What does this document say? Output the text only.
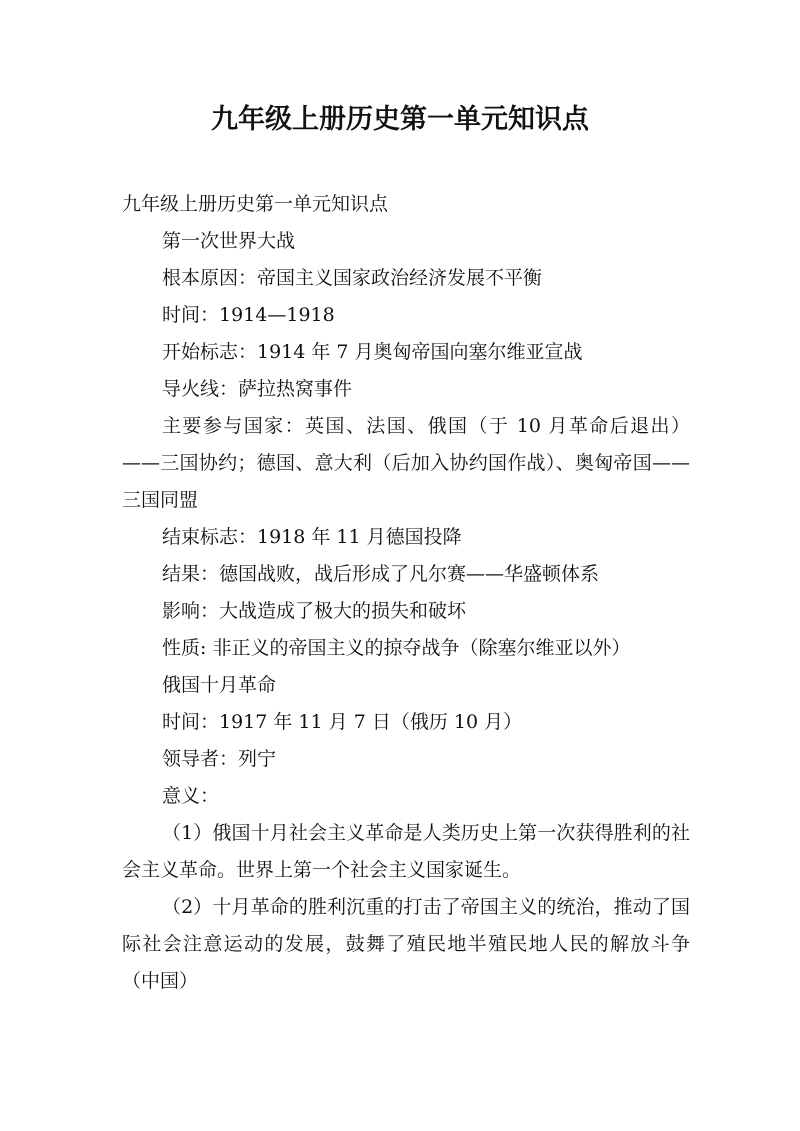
九年级上册历史第一单元知识点

九年级上册历史第一单元知识点

第一次世界大战

根本原因：帝国主义国家政治经济发展不平衡

时间：1914—1918

开始标志：1914 年 7 月奥匈帝国向塞尔维亚宣战

导火线：萨拉热窝事件

主要参与国家：英国、法国、俄国（于 10 月革命后退出）——三国协约；德国、意大利（后加入协约国作战）、奥匈帝国——三国同盟

结束标志：1918 年 11 月德国投降

结果：德国战败，战后形成了凡尔赛——华盛顿体系

影响：大战造成了极大的损失和破坏

性质: 非正义的帝国主义的掠夺战争（除塞尔维亚以外）

俄国十月革命

时间：1917 年 11 月 7 日（俄历 10 月）

领导者：列宁

意义：

（1）俄国十月社会主义革命是人类历史上第一次获得胜利的社会主义革命。世界上第一个社会主义国家诞生。

（2）十月革命的胜利沉重的打击了帝国主义的统治，推动了国际社会注意运动的发展，鼓舞了殖民地半殖民地人民的解放斗争（中国）
